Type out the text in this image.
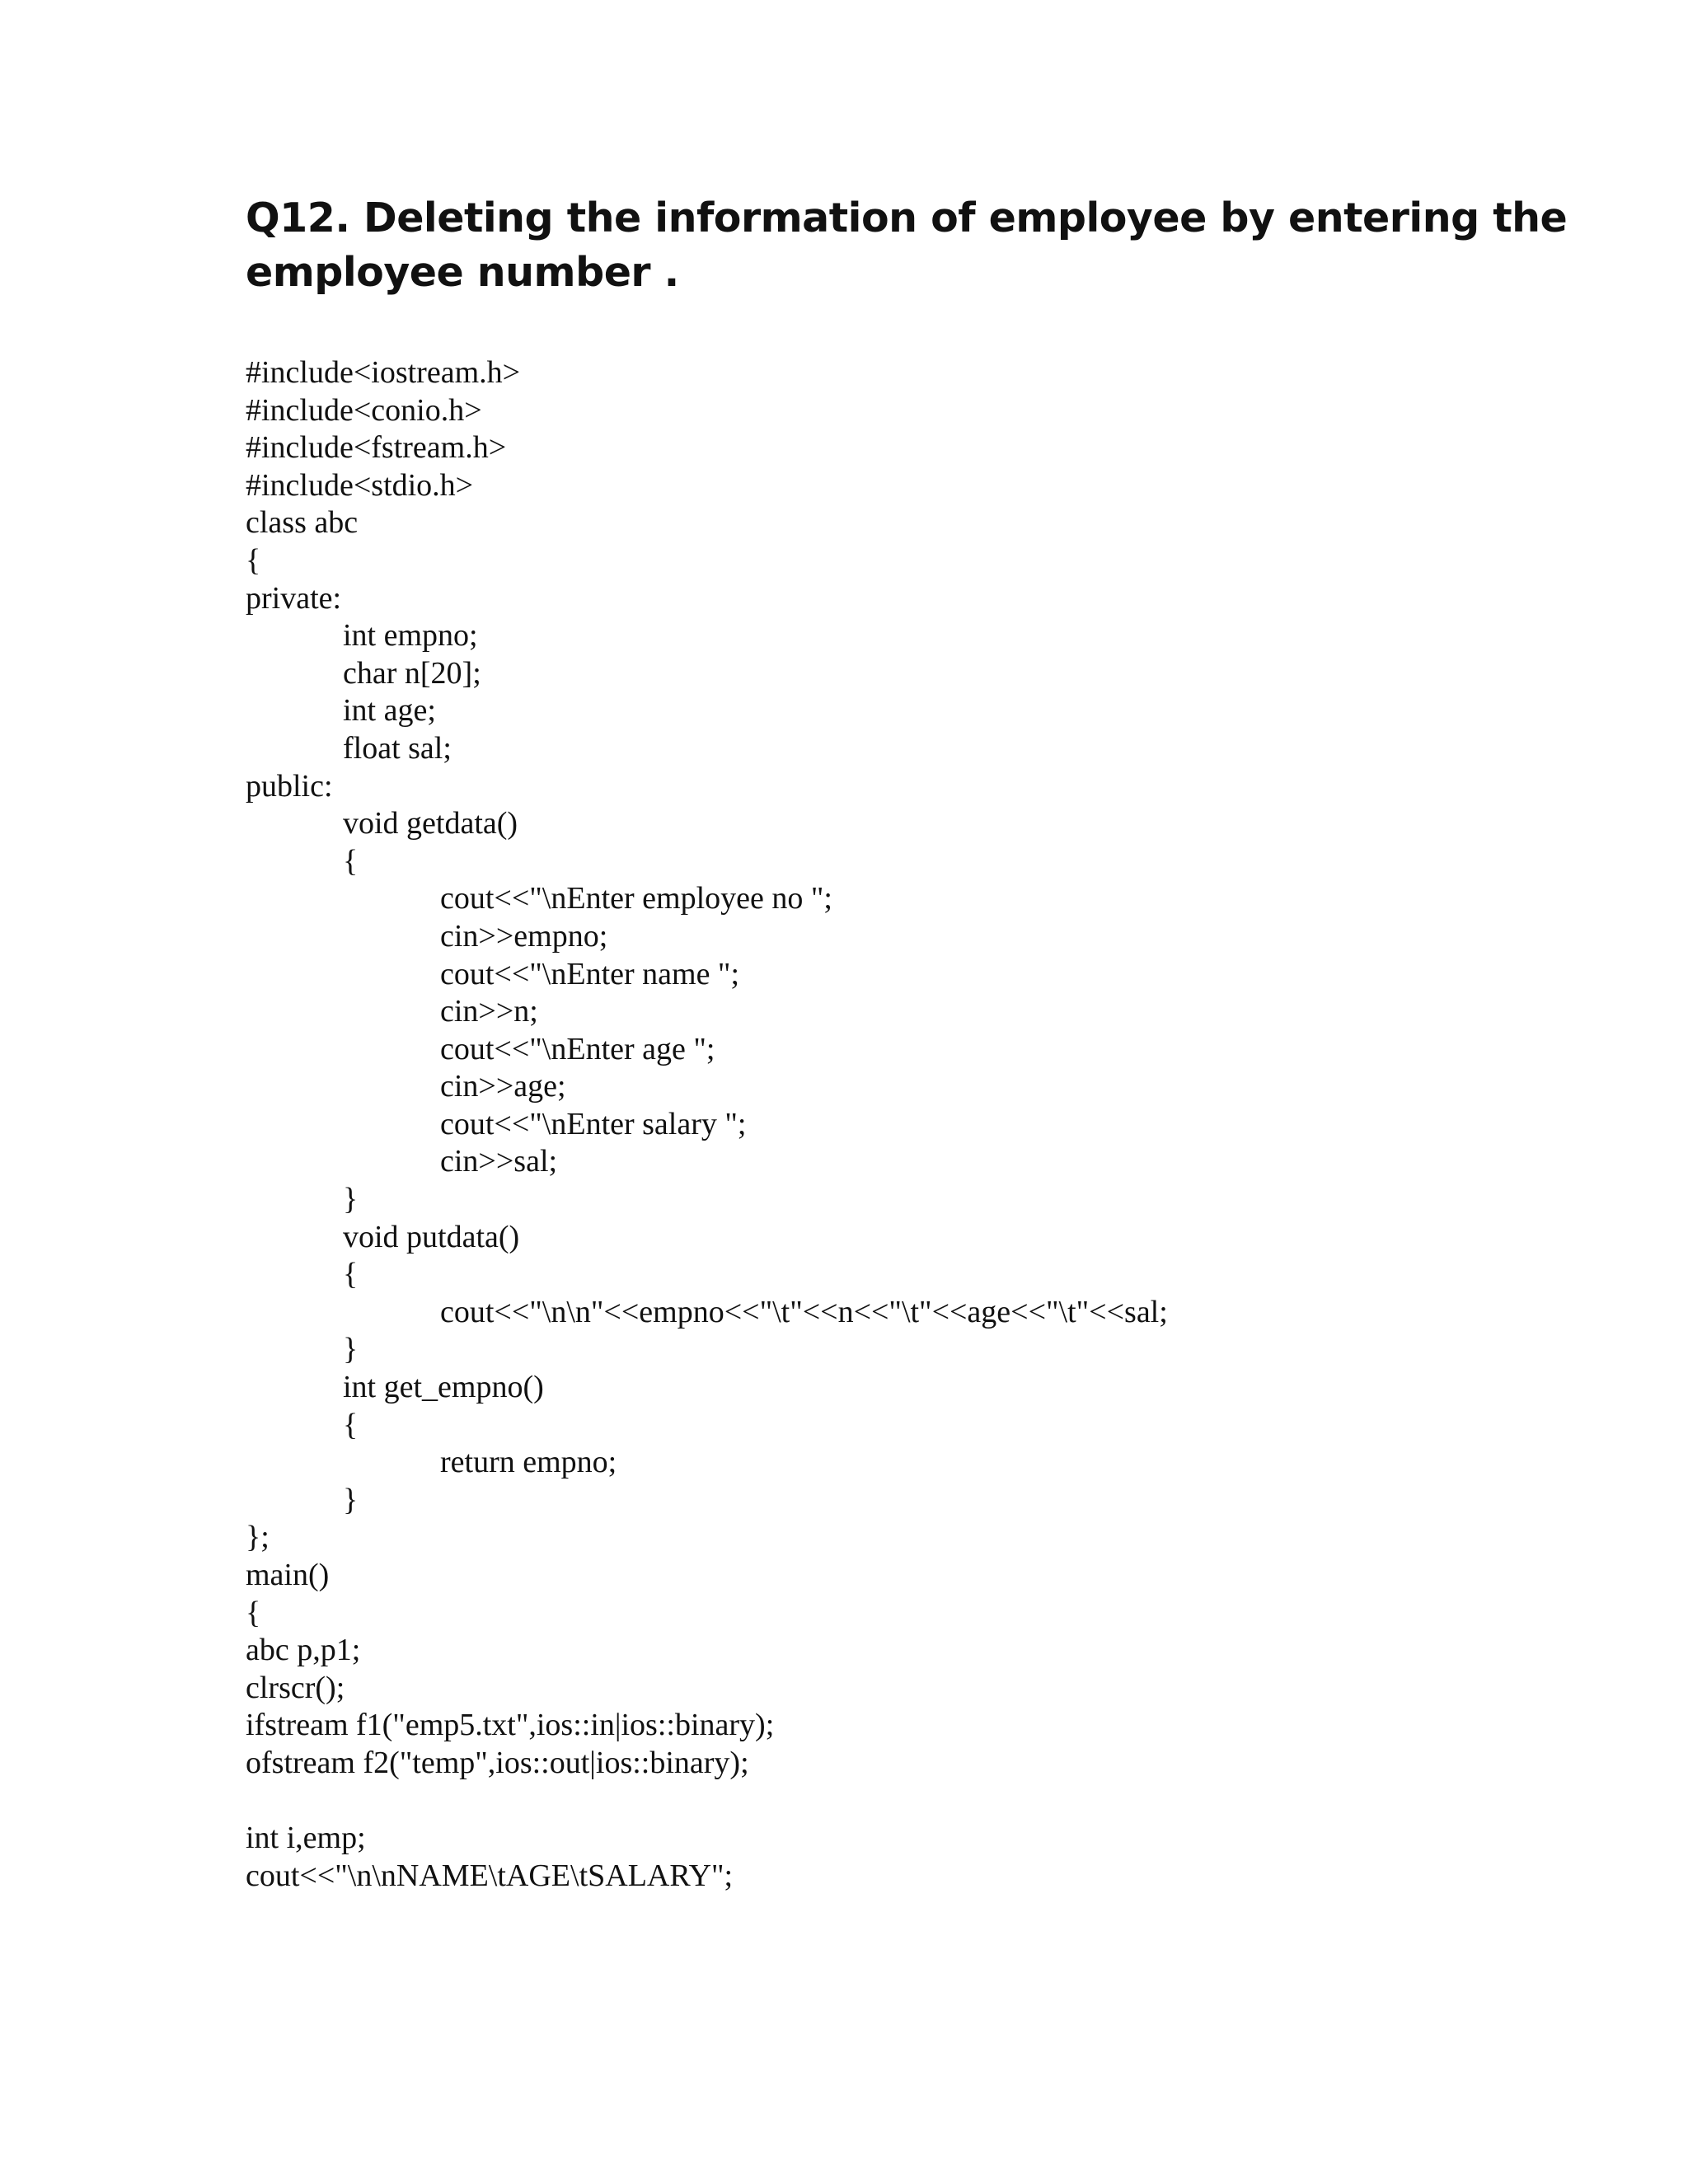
Q12. Deleting the information of employee by entering the
employee number .
#include<iostream.h>
#include<conio.h>
#include<fstream.h>
#include<stdio.h>
class abc
{
private:
int empno;
char n[20];
int age;
float sal;
public:
void getdata()
{
cout<<"\nEnter employee no ";
cin>>empno;
cout<<"\nEnter name ";
cin>>n;
cout<<"\nEnter age ";
cin>>age;
cout<<"\nEnter salary ";
cin>>sal;
}
void putdata()
{
cout<<"\n\n"<<empno<<"\t"<<n<<"\t"<<age<<"\t"<<sal;
}
int get_empno()
{
return empno;
}
};
main()
{
abc p,p1;
clrscr();
ifstream f1("emp5.txt",ios::in|ios::binary);
ofstream f2("temp",ios::out|ios::binary);
int i,emp;
cout<<"\n\nNAME\tAGE\tSALARY";
